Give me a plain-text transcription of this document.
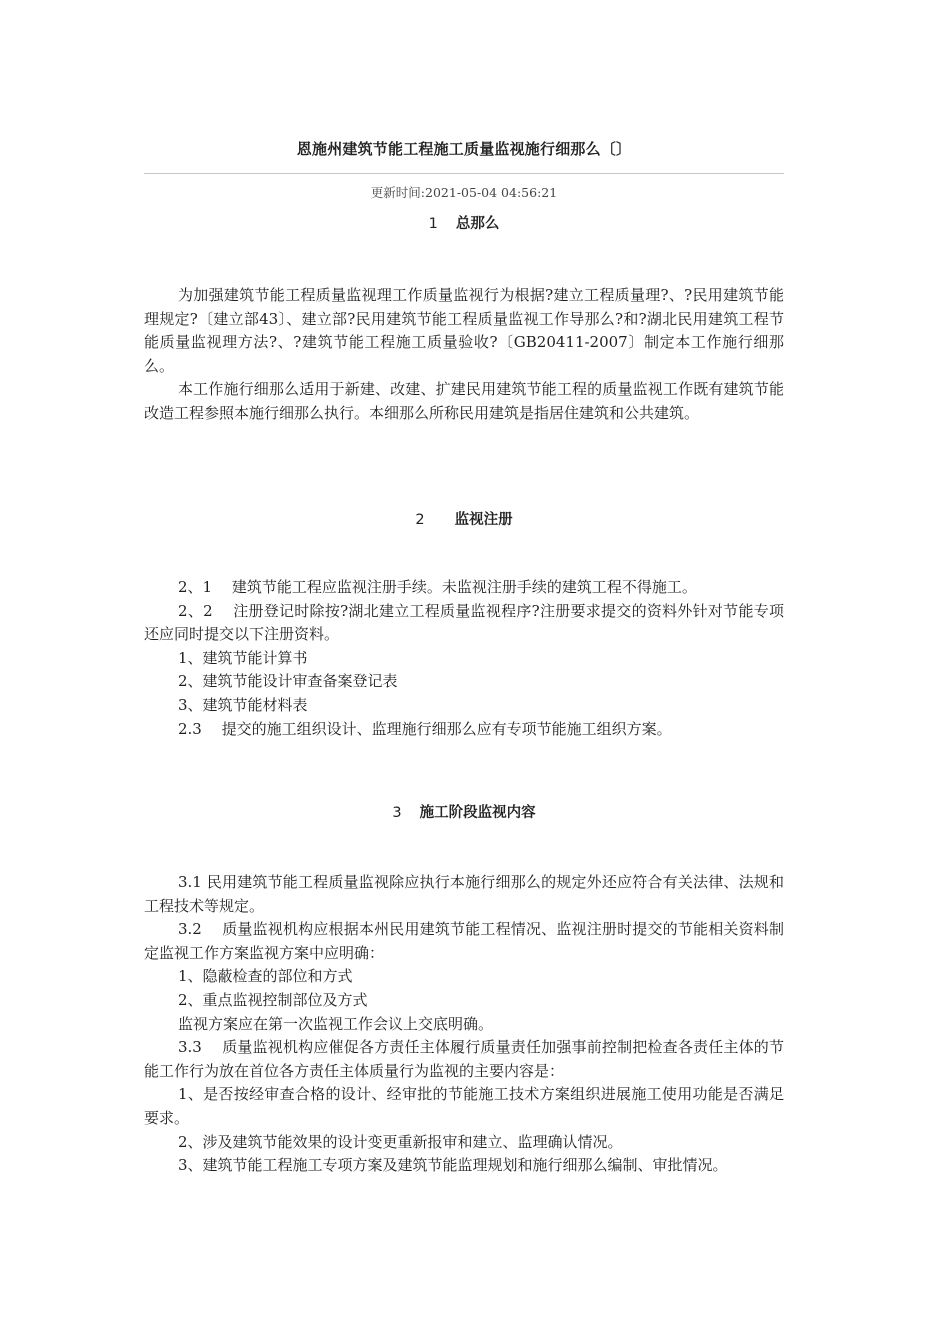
恩施州建筑节能工程施工质量监视施行细那么〔〕
更新时间:2021-05-04 04:56:21
1 总那么

为加强建筑节能工程质量监视理工作质量监视行为根据?建立工程质量理?、?民用建筑节能理规定?〔建立部43〕、建立部?民用建筑节能工程质量监视工作导那么?和?湖北民用建筑工程节能质量监视理方法?、?建筑节能工程施工质量验收?〔GB20411-2007〕制定本工作施行细那么。

本工作施行细那么适用于新建、改建、扩建民用建筑节能工程的质量监视工作既有建筑节能改造工程参照本施行细那么执行。本细那么所称民用建筑是指居住建筑和公共建筑。

2 监视注册

2、1　 建筑节能工程应监视注册手续。未监视注册手续的建筑工程不得施工。

2、2　 注册登记时除按?湖北建立工程质量监视程序?注册要求提交的资料外针对节能专项还应同时提交以下注册资料。

1、建筑节能计算书

2、建筑节能设计审查备案登记表

3、建筑节能材料表

2.3　 提交的施工组织设计、监理施行细那么应有专项节能施工组织方案。

3 施工阶段监视内容

3.1 民用建筑节能工程质量监视除应执行本施行细那么的规定外还应符合有关法律、法规和工程技术等规定。

3.2　 质量监视机构应根据本州民用建筑节能工程情况、监视注册时提交的节能相关资料制定监视工作方案监视方案中应明确：

1、隐蔽检查的部位和方式

2、重点监视控制部位及方式

监视方案应在第一次监视工作会议上交底明确。

3.3　 质量监视机构应催促各方责任主体履行质量责任加强事前控制把检查各责任主体的节能工作行为放在首位各方责任主体质量行为监视的主要内容是：

1、是否按经审查合格的设计、经审批的节能施工技术方案组织进展施工使用功能是否满足要求。

2、涉及建筑节能效果的设计变更重新报审和建立、监理确认情况。

3、建筑节能工程施工专项方案及建筑节能监理规划和施行细那么编制、审批情况。
